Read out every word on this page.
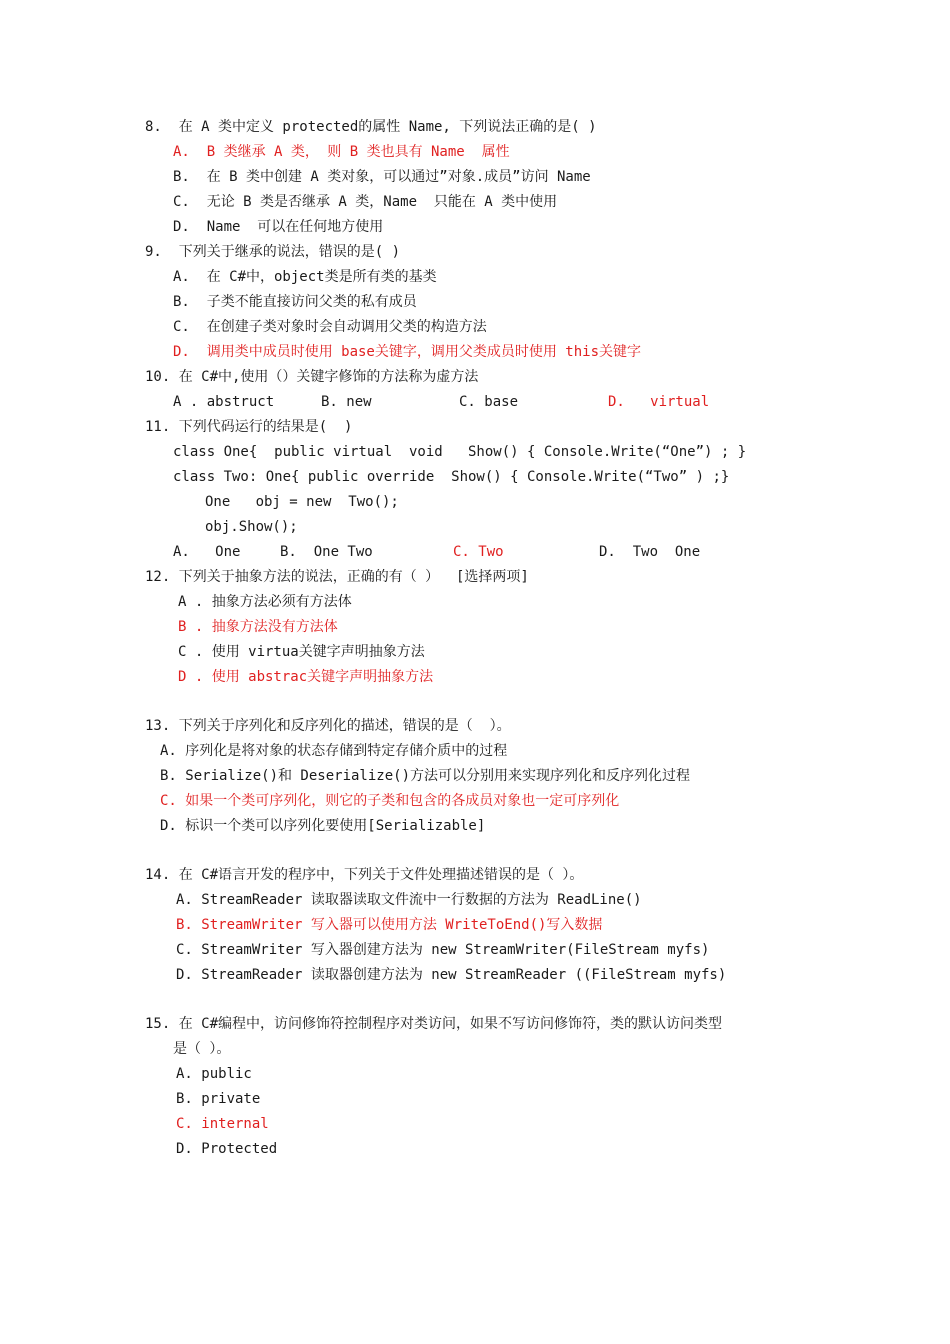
8.  在 A 类中定义 protected的属性 Name, 下列说法正确的是( )
A.  B 类继承 A 类， 则 B 类也具有 Name  属性
B.  在 B 类中创建 A 类对象，可以通过”对象.成员”访问 Name
C.  无论 B 类是否继承 A 类，Name  只能在 A 类中使用
D.  Name  可以在任何地方使用
9.  下列关于继承的说法，错误的是( )
A.  在 C#中，object类是所有类的基类
B.  子类不能直接访问父类的私有成员
C.  在创建子类对象时会自动调用父类的构造方法
D.  调用类中成员时使用 base关键字，调用父类成员时使用 this关键字
10. 在 C#中,使用（）关键字修饰的方法称为虚方法
A . abstruct	B. new	C. base	D.   virtual
11. 下列代码运行的结果是(  )
class One{  public virtual  void   Show() { Console.Write(“One”) ; }
class Two: One{ public override  Show() { Console.Write(“Two” ) ;}
One   obj = new  Two();
obj.Show();
A.   One	B.  One Two	C. Two	D.  Two  One
12. 下列关于抽象方法的说法，正确的有（ ）  [选择两项]
A . 抽象方法必须有方法体
B . 抽象方法没有方法体
C . 使用 virtua关键字声明抽象方法
D . 使用 abstrac关键字声明抽象方法
13. 下列关于序列化和反序列化的描述，错误的是（  ）。
A. 序列化是将对象的状态存储到特定存储介质中的过程
B. Serialize()和 Deserialize()方法可以分别用来实现序列化和反序列化过程
C. 如果一个类可序列化，则它的子类和包含的各成员对象也一定可序列化
D. 标识一个类可以序列化要使用[Serializable]
14. 在 C#语言开发的程序中，下列关于文件处理描述错误的是（ ）。
A. StreamReader 读取器读取文件流中一行数据的方法为 ReadLine()
B. StreamWriter 写入器可以使用方法 WriteToEnd()写入数据
C. StreamWriter 写入器创建方法为 new StreamWriter(FileStream myfs)
D. StreamReader 读取器创建方法为 new StreamReader ((FileStream myfs)
15. 在 C#编程中，访问修饰符控制程序对类访问，如果不写访问修饰符，类的默认访问类型
是（ ）。
A. public
B. private
C. internal
D. Protected
